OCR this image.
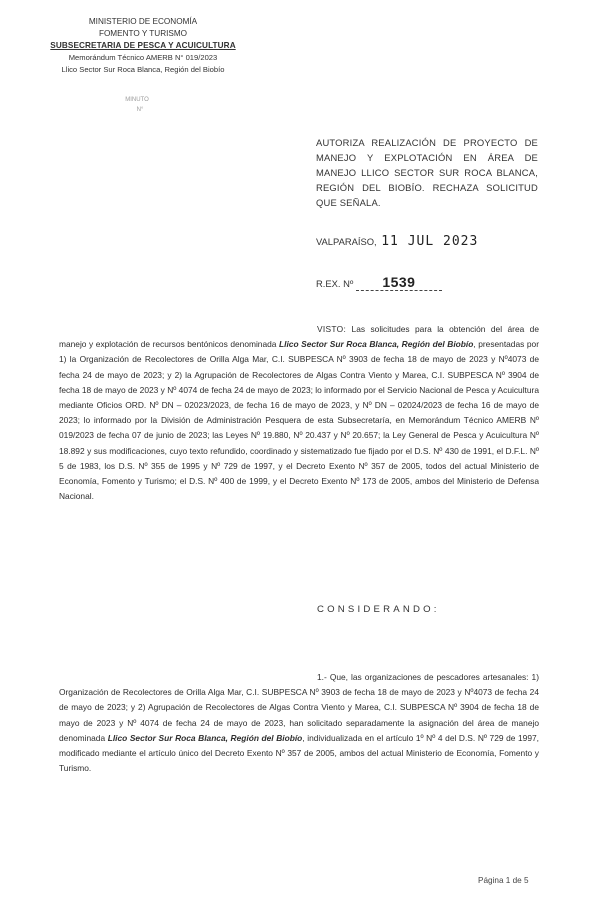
MINISTERIO DE ECONOMÍA
FOMENTO Y TURISMO
SUBSECRETARIA DE PESCA Y ACUICULTURA
Memorándum Técnico AMERB N° 019/2023
Llico Sector Sur Roca Blanca, Región del Biobío
MINUTO
N°
AUTORIZA REALIZACIÓN DE PROYECTO DE MANEJO Y EXPLOTACIÓN EN ÁREA DE MANEJO LLICO SECTOR SUR ROCA BLANCA, REGIÓN DEL BIOBÍO. RECHAZA SOLICITUD QUE SEÑALA.
VALPARAÍSO, 11 JUL 2023
R.EX. Nº 1539
VISTO: Las solicitudes para la obtención del área de manejo y explotación de recursos bentónicos denominada Llico Sector Sur Roca Blanca, Región del Biobío, presentadas por 1) la Organización de Recolectores de Orilla Alga Mar, C.I. SUBPESCA Nº 3903 de fecha 18 de mayo de 2023 y Nº4073 de fecha 24 de mayo de 2023; y 2) la Agrupación de Recolectores de Algas Contra Viento y Marea, C.I. SUBPESCA Nº 3904 de fecha 18 de mayo de 2023 y Nº 4074 de fecha 24 de mayo de 2023; lo informado por el Servicio Nacional de Pesca y Acuicultura mediante Oficios ORD. Nº DN – 02023/2023, de fecha 16 de mayo de 2023, y Nº DN – 02024/2023 de fecha 16 de mayo de 2023; lo informado por la División de Administración Pesquera de esta Subsecretaría, en Memorándum Técnico AMERB Nº 019/2023 de fecha 07 de junio de 2023; las Leyes Nº 19.880, Nº 20.437 y Nº 20.657; la Ley General de Pesca y Acuicultura Nº 18.892 y sus modificaciones, cuyo texto refundido, coordinado y sistematizado fue fijado por el D.S. Nº 430 de 1991, el D.F.L. Nº 5 de 1983, los D.S. Nº 355 de 1995 y Nº 729 de 1997, y el Decreto Exento Nº 357 de 2005, todos del actual Ministerio de Economía, Fomento y Turismo; el D.S. Nº 400 de 1999, y el Decreto Exento Nº 173 de 2005, ambos del Ministerio de Defensa Nacional.
CONSIDERANDO:
1.- Que, las organizaciones de pescadores artesanales: 1) Organización de Recolectores de Orilla Alga Mar, C.I. SUBPESCA Nº 3903 de fecha 18 de mayo de 2023 y Nº4073 de fecha 24 de mayo de 2023; y 2) Agrupación de Recolectores de Algas Contra Viento y Marea, C.I. SUBPESCA Nº 3904 de fecha 18 de mayo de 2023 y Nº 4074 de fecha 24 de mayo de 2023, han solicitado separadamente la asignación del área de manejo denominada Llico Sector Sur Roca Blanca, Región del Biobío, individualizada en el artículo 1º Nº 4 del D.S. Nº 729 de 1997, modificado mediante el artículo único del Decreto Exento Nº 357 de 2005, ambos del actual Ministerio de Economía, Fomento y Turismo.
Página 1 de 5
